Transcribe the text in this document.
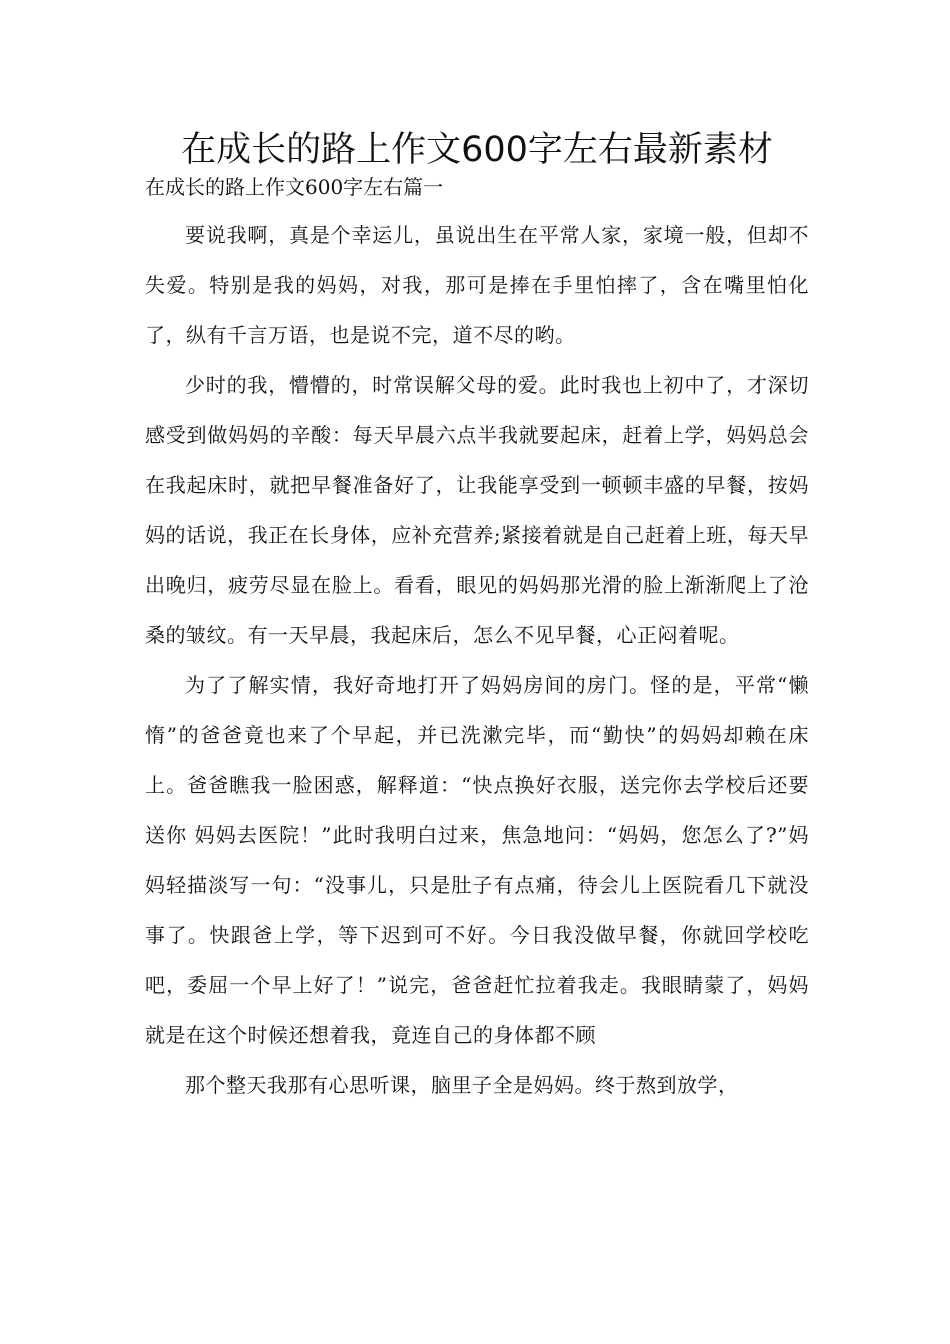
在成长的路上作文600字左右最新素材

在成长的路上作文600字左右篇一

要说我啊，真是个幸运儿，虽说出生在平常人家，家境一般，但却不失爱。特别是我的妈妈，对我，那可是捧在手里怕摔了，含在嘴里怕化了，纵有千言万语，也是说不完，道不尽的哟。

少时的我，懵懵的，时常误解父母的爱。此时我也上初中了，才深切感受到做妈妈的辛酸：每天早晨六点半我就要起床，赶着上学，妈妈总会在我起床时，就把早餐准备好了，让我能享受到一顿顿丰盛的早餐，按妈妈的话说，我正在长身体，应补充营养;紧接着就是自己赶着上班，每天早出晚归，疲劳尽显在脸上。看看，眼见的妈妈那光滑的脸上渐渐爬上了沧桑的皱纹。有一天早晨，我起床后，怎么不见早餐，心正闷着呢。

为了了解实情，我好奇地打开了妈妈房间的房门。怪的是，平常“懒惰”的爸爸竟也来了个早起，并已洗漱完毕，而“勤快”的妈妈却赖在床上。爸爸瞧我一脸困惑，解释道：“快点换好衣服，送完你去学校后还要送你 妈妈去医院！”此时我明白过来，焦急地问：“妈妈，您怎么了?”妈妈轻描淡写一句：“没事儿，只是肚子有点痛，待会儿上医院看几下就没事了。快跟爸上学，等下迟到可不好。今日我没做早餐，你就回学校吃吧，委屈一个早上好了！”说完，爸爸赶忙拉着我走。我眼睛蒙了，妈妈就是在这个时候还想着我，竟连自己的身体都不顾

那个整天我那有心思听课，脑里子全是妈妈。终于熬到放学，
